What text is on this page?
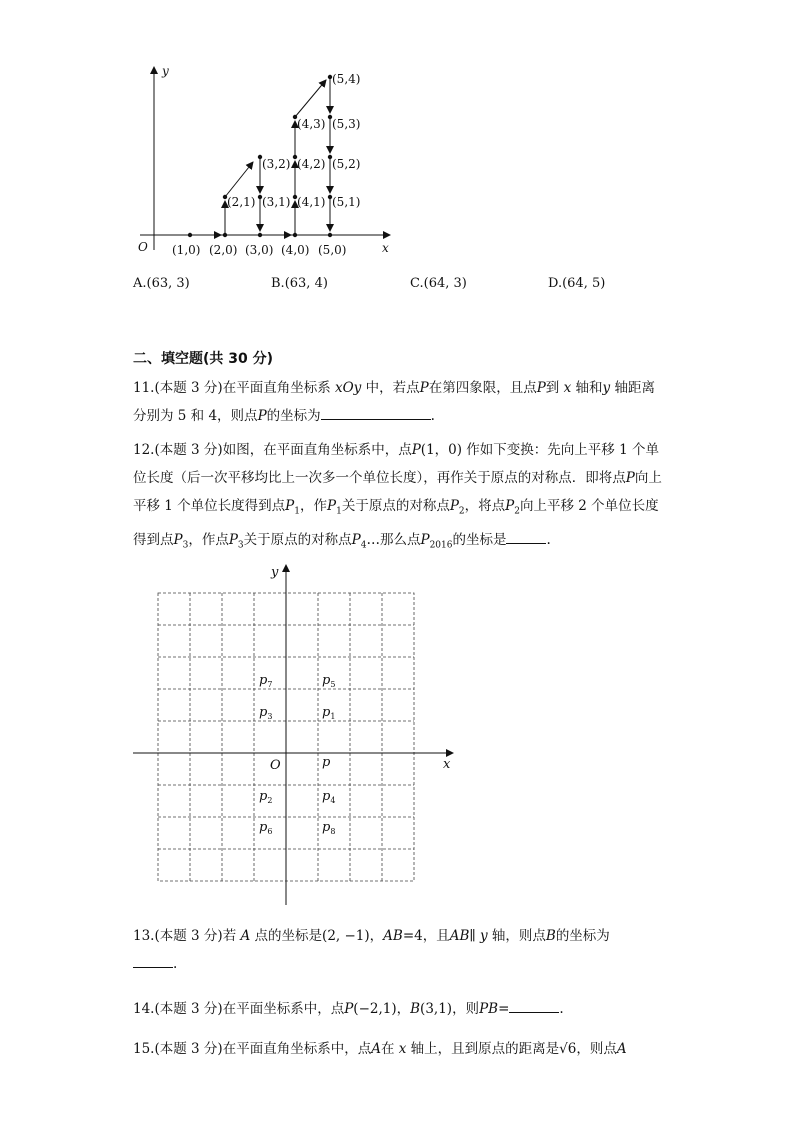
y
x
O (1,0) (2,0) (3,0) (4,0) (5,0)
(2,1) (3,1)
(3,2)
(4,1)
(4,2)
(4,3)
(5,1)
(5,2)
(5,3)
(5,4)
A.(63, 3)	B.(63, 4)	C.(64, 3)	D.(64, 5)
二、填空题(共 30 分)
11.(本题 3 分)在平面直角坐标系 xOy 中，若点P在第四象限，且点P到 x 轴和y 轴距离分别为 5 和 4，则点P的坐标为	.
12.(本题 3 分)如图，在平面直角坐标系中，点P(1，0) 作如下变换：先向上平移 1 个单位长度（后一次平移均比上一次多一个单位长度），再作关于原点的对称点．即将点P向上平移 1 个单位长度得到点$P_1$，作$P_1$关于原点的对称点$P_2$，将点$P_2$向上平移 2 个单位长度得到点$P_3$，作点$P_3$关于原点的对称点$P_4\dots$那么点$P_{2016}$的坐标是	.
y
x
O	p
$p_7$	$p_5$
$p_3$	$p_1$
$p_2$	$p_4$
$p_6$	$p_8$
13.(本题 3 分)若 A 点的坐标是(2, −1)，AB=4，且AB∥ y 轴，则点B的坐标为
.
14.(本题 3 分)在平面坐标系中，点P(−2,1)，B(3,1)，则PB=	.
15.(本题 3 分)在平面直角坐标系中，点A在 x 轴上，且到原点的距离是√6，则点A
